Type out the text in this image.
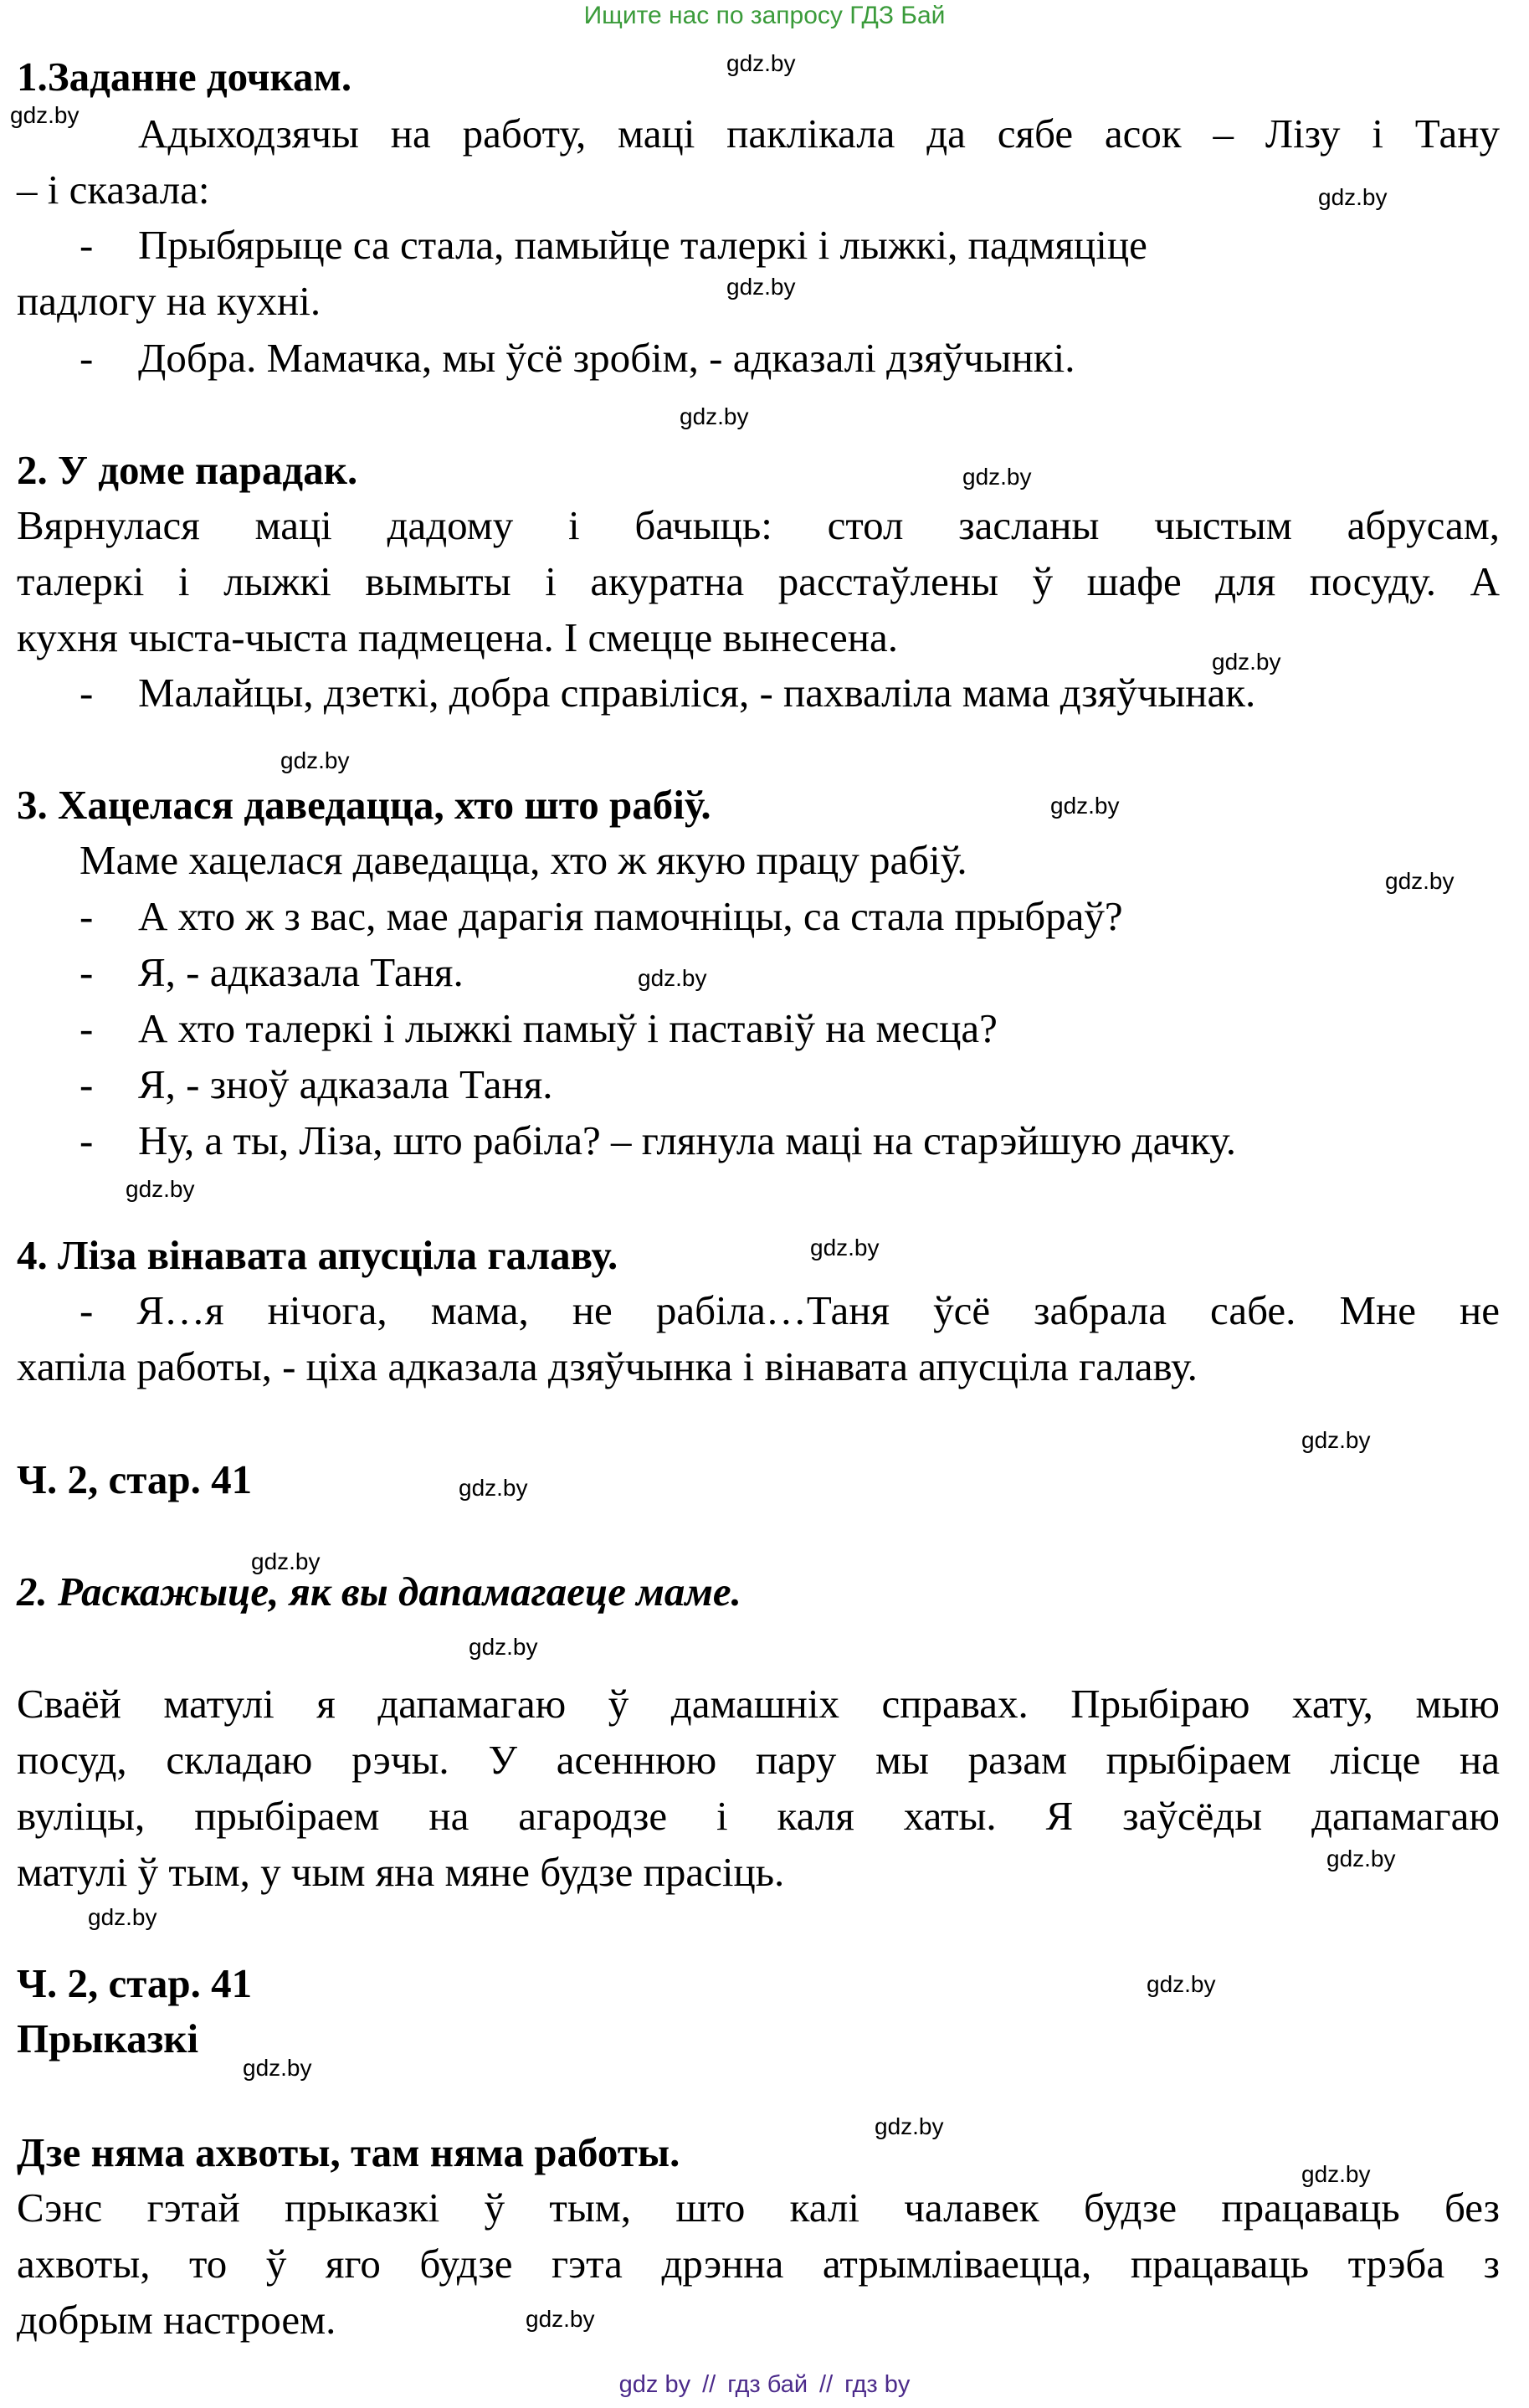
Ищите нас по запросу ГДЗ Бай
gdz.by
gdz.by
gdz.by
gdz.by
gdz.by
gdz.by
gdz.by
gdz.by
gdz.by
gdz.by
gdz.by
gdz.by
gdz.by
gdz.by
gdz.by
gdz.by
gdz.by
gdz.by
gdz.by
gdz.by
gdz.by
gdz.by
gdz.by
gdz.by
1.Заданне дочкам.
Адыходзячы на работу, маці паклікала да сябе асок – Лізу і Тану
– і сказала:
- Прыбярыце са стала, памыйце талеркі і лыжкі, падмяціце
падлогу на кухні.
- Добра. Мамачка, мы ўсё зробім, - адказалі дзяўчынкі.
2. У доме парадак.
Вярнулася маці дадому і бачыць: стол засланы чыстым абрусам,
талеркі і лыжкі вымыты і акуратна расстаўлены ў шафе для посуду. А
кухня чыста-чыста падмецена. І смецце вынесена.
- Малайцы, дзеткі, добра справіліся, - пахваліла мама дзяўчынак.
3. Хацелася даведацца, хто што рабіў.
Маме хацелася даведацца, хто ж якую працу рабіў.
- А хто ж з вас, мае дарагія памочніцы, са стала прыбраў?
- Я, - адказала Таня.
- А хто талеркі і лыжкі памыў і паставіў на месца?
- Я, - зноў адказала Таня.
- Ну, а ты, Ліза, што рабіла? – глянула маці на старэйшую дачку.
4. Ліза вінавата апусціла галаву.
- Я…я нічога, мама, не рабіла…Таня ўсё забрала сабе. Мне не
хапіла работы, - ціха адказала дзяўчынка і вінавата апусціла галаву.
Ч. 2, стар. 41
2. Раскажыце, як вы дапамагаеце маме.
Сваёй матулі я дапамагаю ў дамашніх справах. Прыбіраю хату, мыю
посуд, складаю рэчы. У асеннюю пару мы разам прыбіраем лісце на
вуліцы, прыбіраем на агародзе і каля хаты. Я заўсёды дапамагаю
матулі ў тым, у чым яна мяне будзе прасіць.
Ч. 2, стар. 41
Прыказкі
Дзе няма ахвоты, там няма работы.
Сэнс гэтай прыказкі ў тым, што калі чалавек будзе працаваць без
ахвоты, то ў яго будзе гэта дрэнна атрымліваецца, працаваць трэба з
добрым настроем.
gdz by // гдз бай // гдз by
